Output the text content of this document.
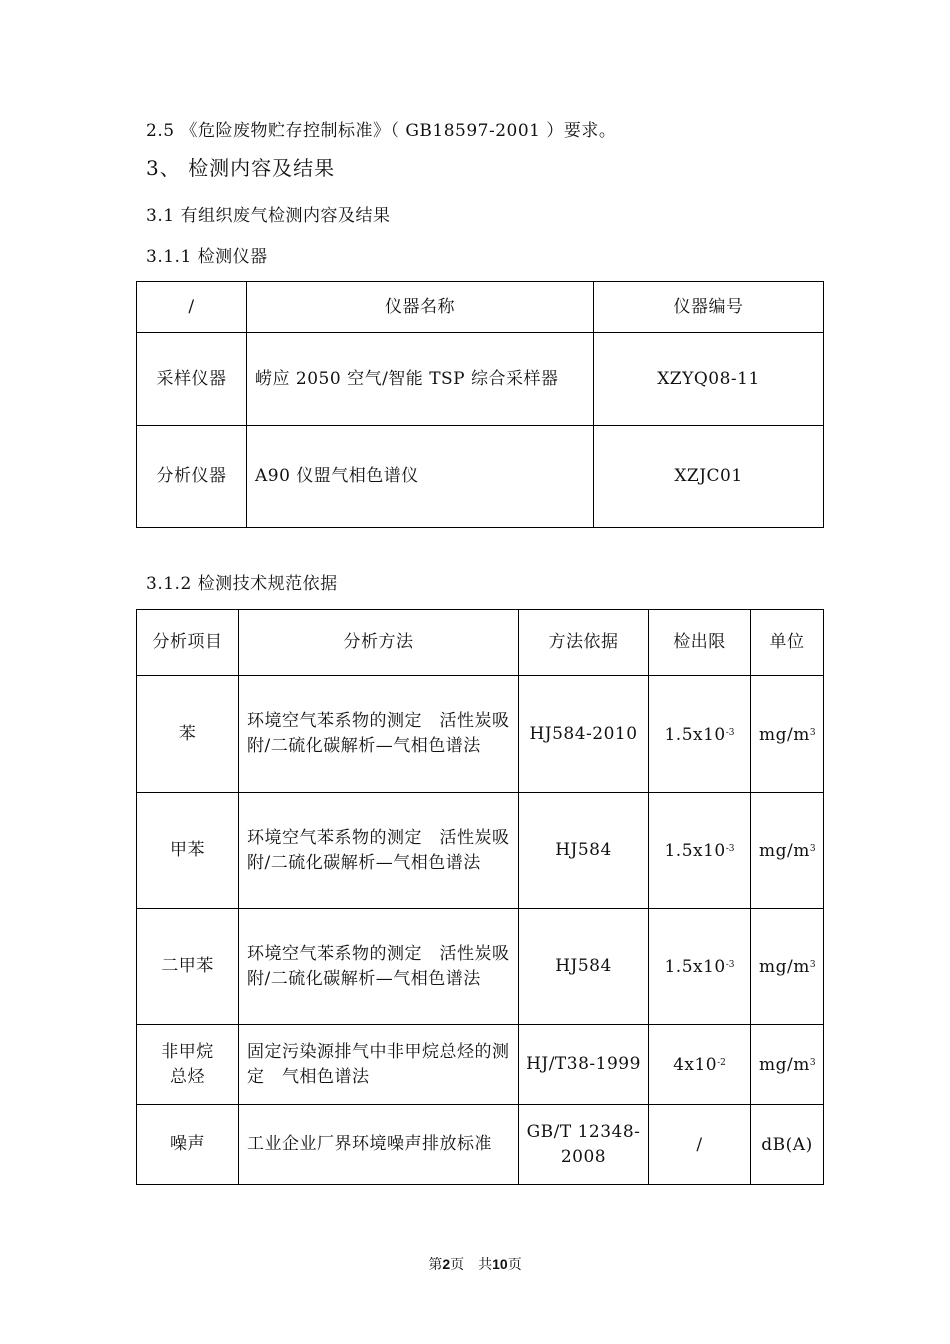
2.5 《危险废物贮存控制标准》（ GB18597-2001 ）要求。
3、 检测内容及结果
3.1 有组织废气检测内容及结果
3.1.1 检测仪器
/	仪器名称	仪器编号
采样仪器	崂应 2050 空气/智能 TSP 综合采样器	XZYQ08-11
分析仪器	A90 仪盟气相色谱仪	XZJC01
3.1.2 检测技术规范依据
分析项目	分析方法	方法依据	检出限	单位
苯	环境空气苯系物的测定　活性炭吸附/二硫化碳解析—气相色谱法	HJ584-2010	$1.5x10^{-3}$	$mg/m^3$
甲苯	环境空气苯系物的测定　活性炭吸附/二硫化碳解析—气相色谱法	HJ584	$1.5x10^{-3}$	$mg/m^3$
二甲苯	环境空气苯系物的测定　活性炭吸附/二硫化碳解析—气相色谱法	HJ584	$1.5x10^{-3}$	$mg/m^3$
非甲烷总烃	固定污染源排气中非甲烷总烃的测定　气相色谱法	HJ/T38-1999	$4x10^{-2}$	$mg/m^3$
噪声	工业企业厂界环境噪声排放标准	GB/T 12348-2008	/	dB(A)
第2页　共10页
